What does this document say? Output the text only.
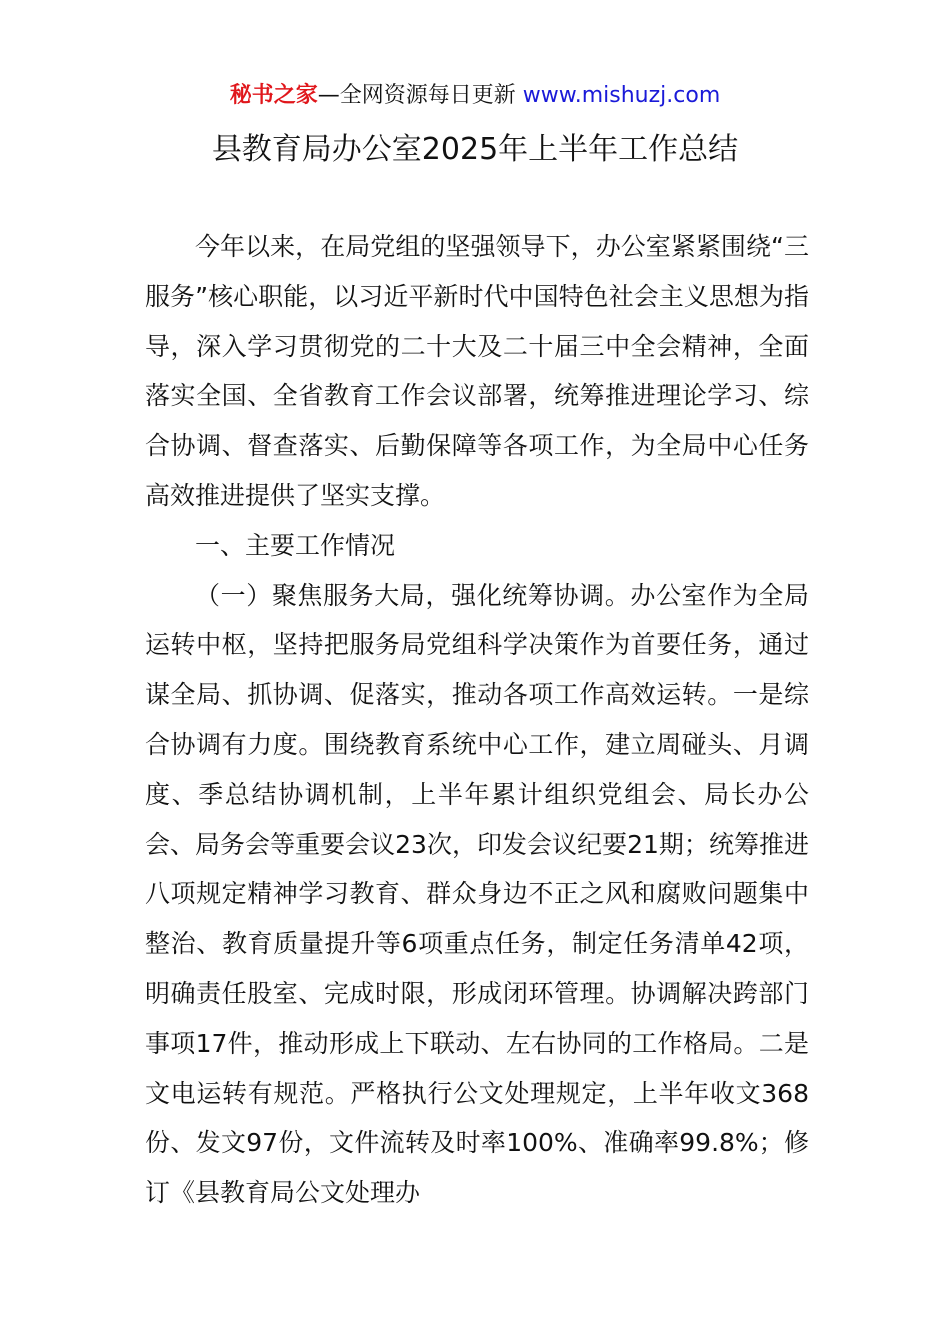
秘书之家—全网资源每日更新 www.mishuzj.com
县教育局办公室2025年上半年工作总结

今年以来，在局党组的坚强领导下，办公室紧紧围绕“三服务”核心职能，以习近平新时代中国特色社会主义思想为指导，深入学习贯彻党的二十大及二十届三中全会精神，全面落实全国、全省教育工作会议部署，统筹推进理论学习、综合协调、督查落实、后勤保障等各项工作，为全局中心任务高效推进提供了坚实支撑。

一、主要工作情况

（一）聚焦服务大局，强化统筹协调。办公室作为全局运转中枢，坚持把服务局党组科学决策作为首要任务，通过谋全局、抓协调、促落实，推动各项工作高效运转。一是综合协调有力度。围绕教育系统中心工作，建立周碰头、月调度、季总结协调机制，上半年累计组织党组会、局长办公会、局务会等重要会议23次，印发会议纪要21期；统筹推进八项规定精神学习教育、群众身边不正之风和腐败问题集中整治、教育质量提升等6项重点任务，制定任务清单42项，明确责任股室、完成时限，形成闭环管理。协调解决跨部门事项17件，推动形成上下联动、左右协同的工作格局。二是文电运转有规范。严格执行公文处理规定，上半年收文368份、发文97份，文件流转及时率100%、准确率99.8%；修订《县教育局公文处理办
